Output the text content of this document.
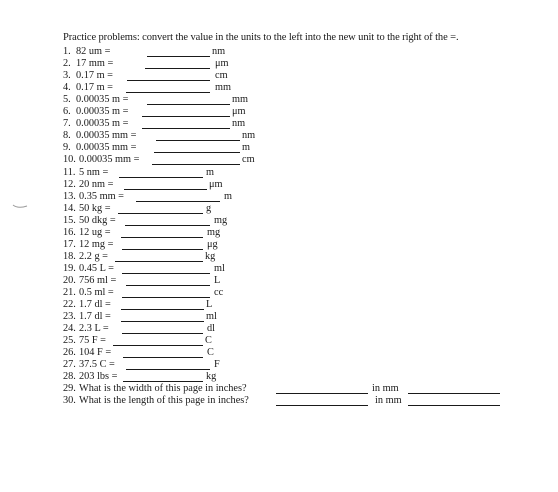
Practice problems: convert the value in the units to the left into the new unit to the right of the =.
1. 82 um =	nm
2. 17 mm =	μm
3. 0.17 m =	cm
4. 0.17 m =	mm
5. 0.00035 m =	mm
6. 0.00035 m =	μm
7. 0.00035 m =	nm
8. 0.00035 mm =	nm
9. 0.00035 mm =	m
10. 0.00035 mm =	cm
11. 5 nm =	m
12. 20 nm =	μm
13. 0.35 mm =	m
14. 50 kg =	g
15. 50 dkg =	mg
16. 12 ug =	mg
17. 12 mg =	μg
18. 2.2 g =	kg
19. 0.45 L =	ml
20. 756 ml =	L
21. 0.5 ml =	cc
22. 1.7 dl =	L
23. 1.7 dl =	ml
24. 2.3 L =	dl
25. 75 F =	C
26. 104 F =	C
27. 37.5 C =	F
28. 203 lbs =	kg
29. What is the width of this page in inches?	in mm
30. What is the length of this page in inches?	in mm
